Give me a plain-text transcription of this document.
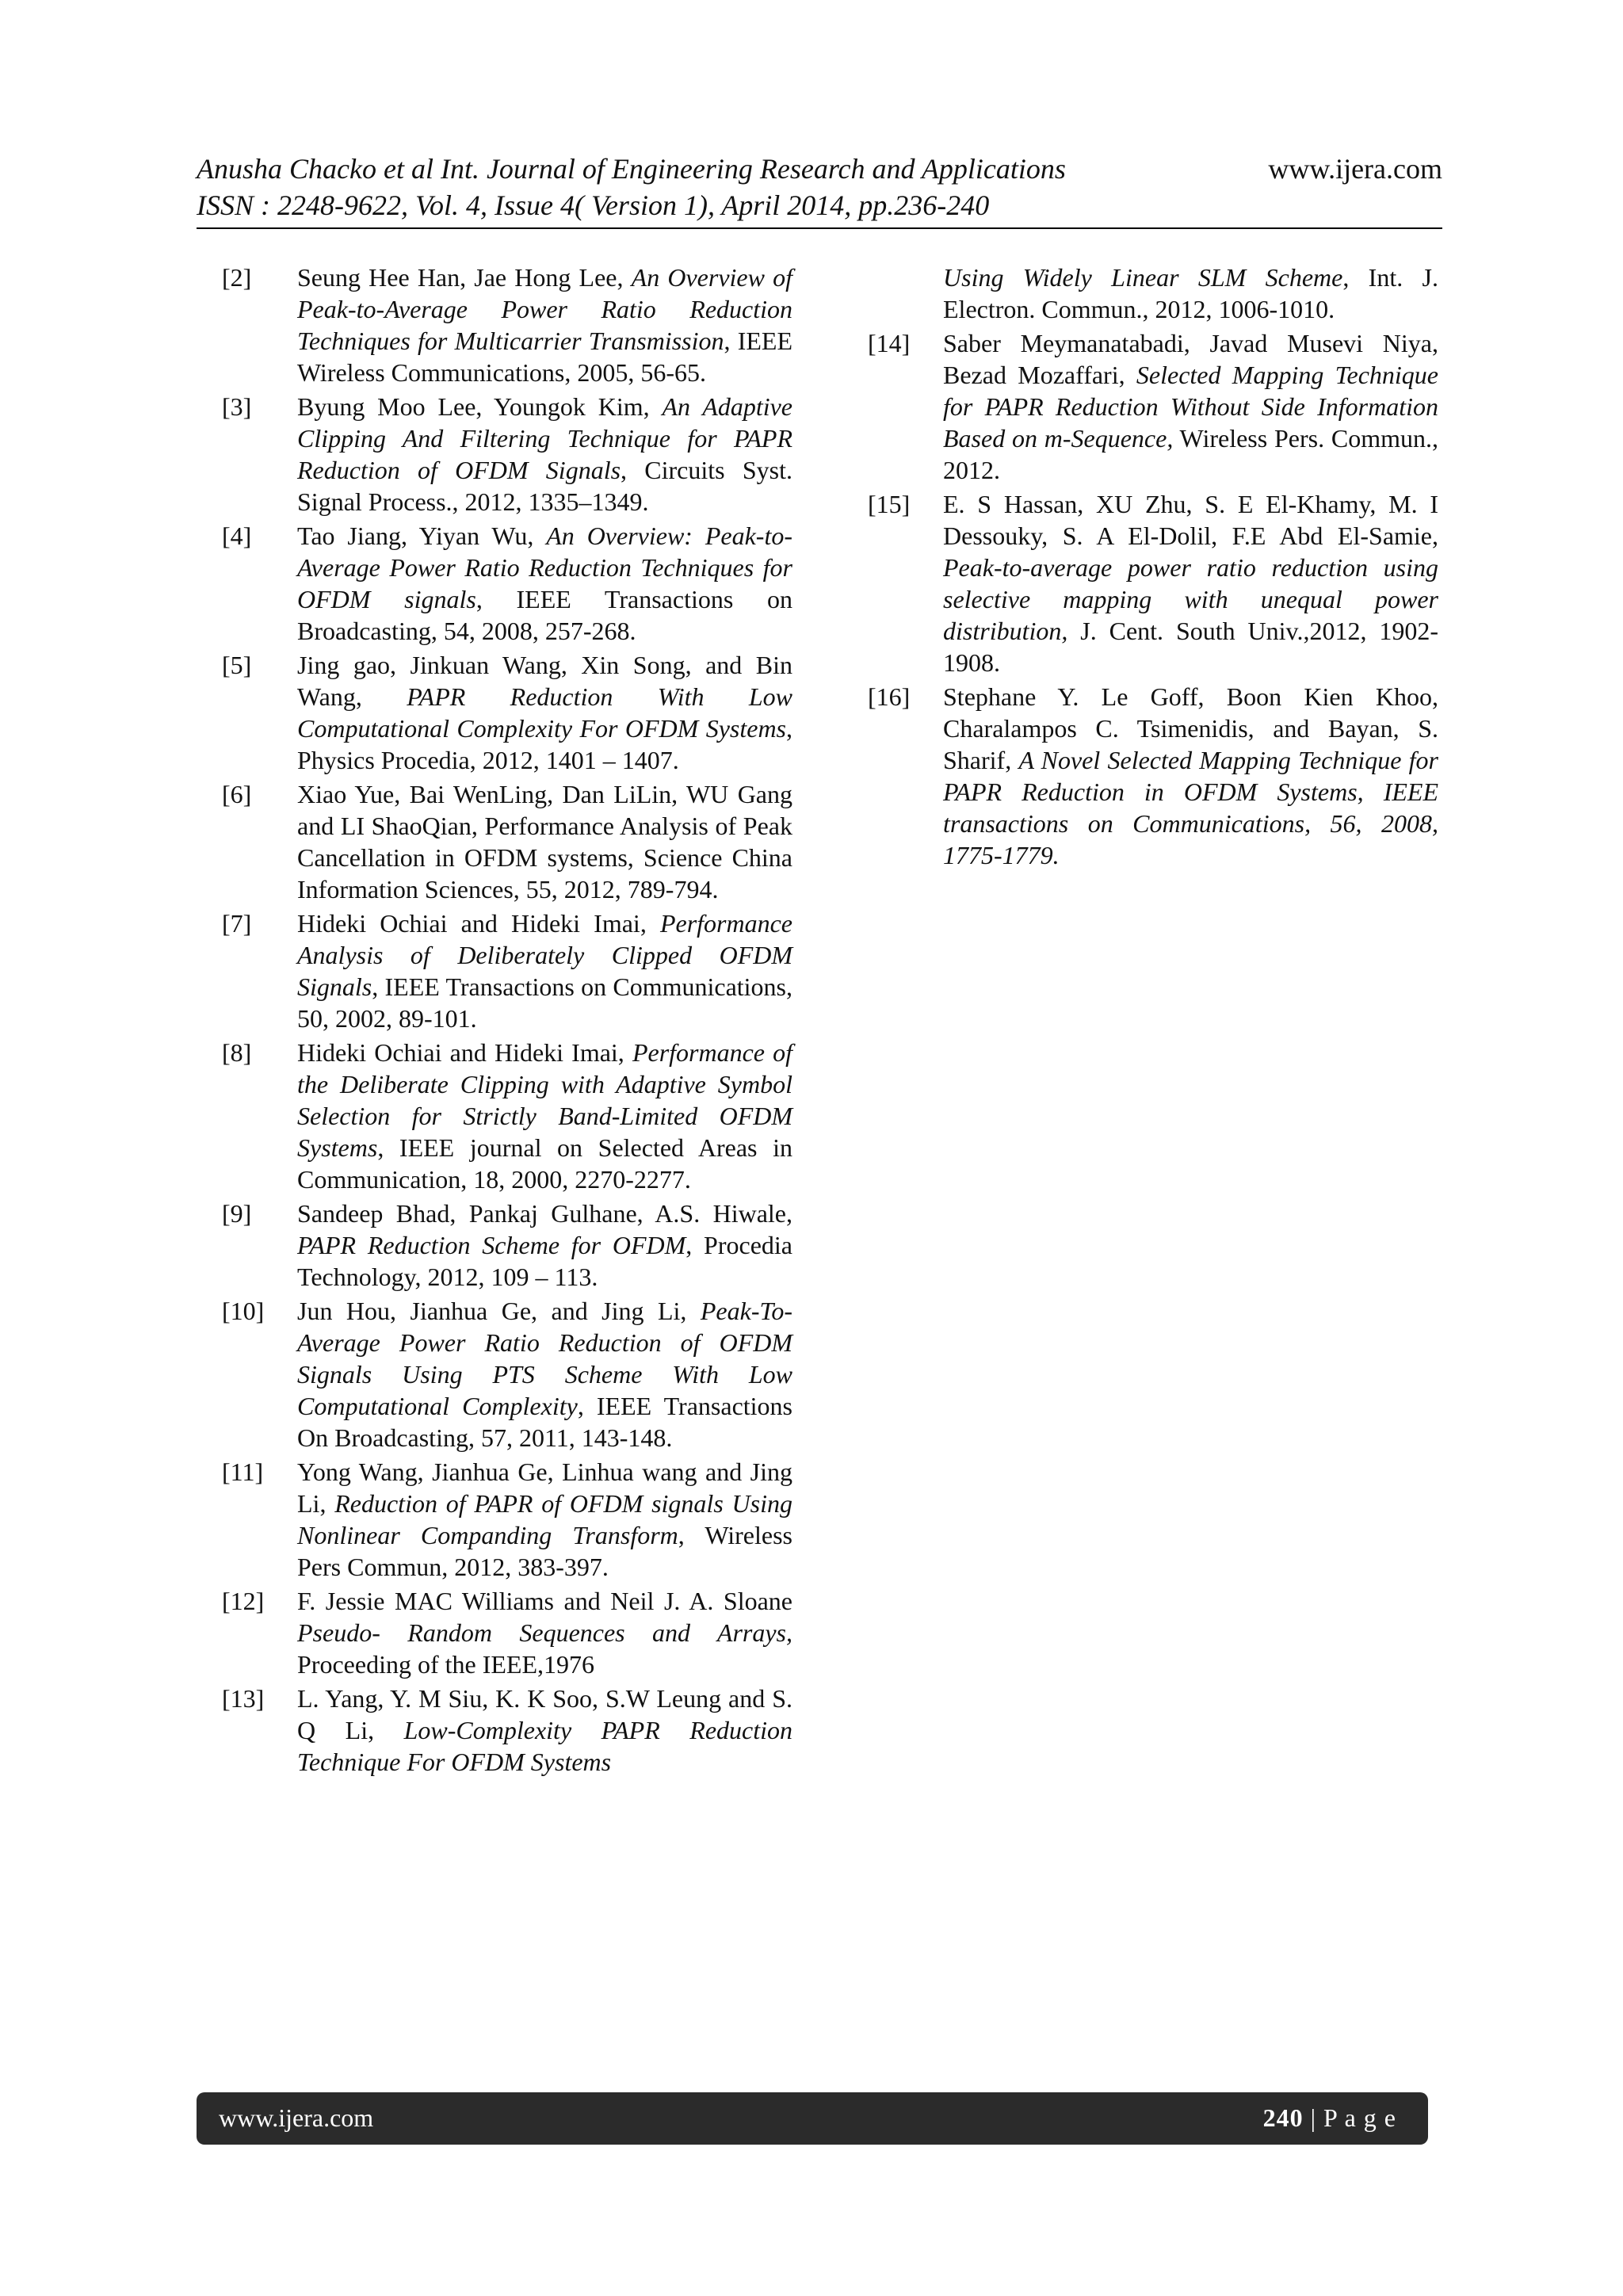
Anusha Chacko et al Int. Journal of Engineering Research and Applications
ISSN : 2248-9622, Vol. 4, Issue 4( Version 1), April 2014, pp.236-240
www.ijera.com
[2] Seung Hee Han, Jae Hong Lee, An Overview of Peak-to-Average Power Ratio Reduction Techniques for Multicarrier Transmission, IEEE Wireless Communications, 2005, 56-65.
[3] Byung Moo Lee, Youngok Kim, An Adaptive Clipping And Filtering Technique for PAPR Reduction of OFDM Signals, Circuits Syst. Signal Process., 2012, 1335–1349.
[4] Tao Jiang, Yiyan Wu, An Overview: Peak-to-Average Power Ratio Reduction Techniques for OFDM signals, IEEE Transactions on Broadcasting, 54, 2008, 257-268.
[5] Jing gao, Jinkuan Wang, Xin Song, and Bin Wang, PAPR Reduction With Low Computational Complexity For OFDM Systems, Physics Procedia, 2012, 1401 – 1407.
[6] Xiao Yue, Bai WenLing, Dan LiLin, WU Gang and LI ShaoQian, Performance Analysis of Peak Cancellation in OFDM systems, Science China Information Sciences, 55, 2012, 789-794.
[7] Hideki Ochiai and Hideki Imai, Performance Analysis of Deliberately Clipped OFDM Signals, IEEE Transactions on Communications, 50, 2002, 89-101.
[8] Hideki Ochiai and Hideki Imai, Performance of the Deliberate Clipping with Adaptive Symbol Selection for Strictly Band-Limited OFDM Systems, IEEE journal on Selected Areas in Communication, 18, 2000, 2270-2277.
[9] Sandeep Bhad, Pankaj Gulhane, A.S. Hiwale, PAPR Reduction Scheme for OFDM, Procedia Technology, 2012, 109 – 113.
[10] Jun Hou, Jianhua Ge, and Jing Li, Peak-To-Average Power Ratio Reduction of OFDM Signals Using PTS Scheme With Low Computational Complexity, IEEE Transactions On Broadcasting, 57, 2011, 143-148.
[11] Yong Wang, Jianhua Ge, Linhua wang and Jing Li, Reduction of PAPR of OFDM signals Using Nonlinear Companding Transform, Wireless Pers Commun, 2012, 383-397.
[12] F. Jessie MAC Williams and Neil J. A. Sloane Pseudo- Random Sequences and Arrays, Proceeding of the IEEE,1976
[13] L. Yang, Y. M Siu, K. K Soo, S.W Leung and S. Q Li, Low-Complexity PAPR Reduction Technique For OFDM Systems
Using Widely Linear SLM Scheme, Int. J. Electron. Commun., 2012, 1006-1010.
[14] Saber Meymanatabadi, Javad Musevi Niya, Bezad Mozaffari, Selected Mapping Technique for PAPR Reduction Without Side Information Based on m-Sequence, Wireless Pers. Commun., 2012.
[15] E. S Hassan, XU Zhu, S. E El-Khamy, M. I Dessouky, S. A El-Dolil, F.E Abd El-Samie, Peak-to-average power ratio reduction using selective mapping with unequal power distribution, J. Cent. South Univ.,2012, 1902-1908.
[16] Stephane Y. Le Goff, Boon Kien Khoo, Charalampos C. Tsimenidis, and Bayan, S. Sharif, A Novel Selected Mapping Technique for PAPR Reduction in OFDM Systems, IEEE transactions on Communications, 56, 2008, 1775-1779.
www.ijera.com	240 | P a g e
